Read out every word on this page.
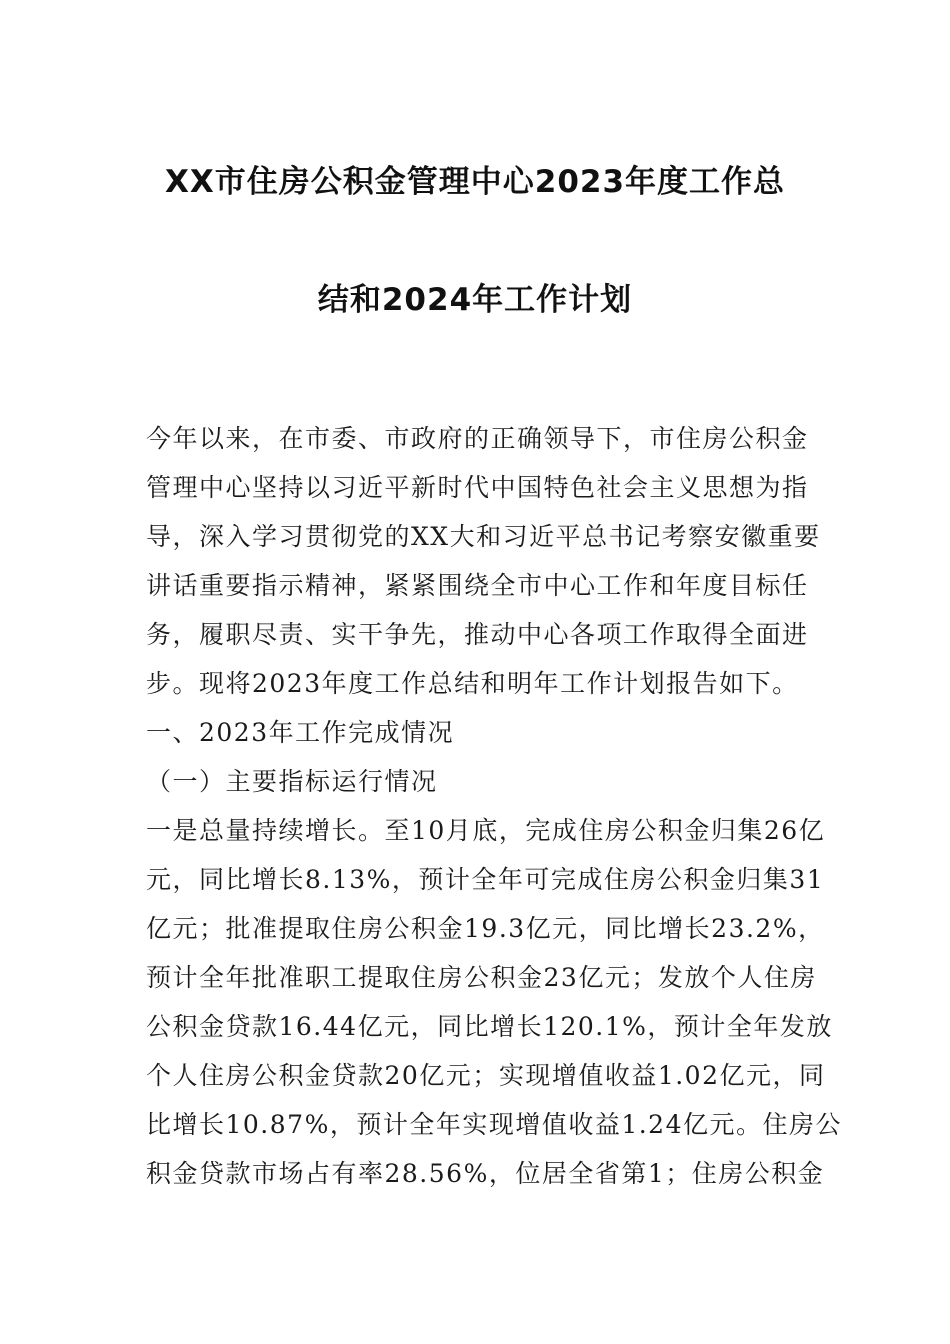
XX市住房公积金管理中心2023年度工作总
结和2024年工作计划
今年以来，在市委、市政府的正确领导下，市住房公积金
管理中心坚持以习近平新时代中国特色社会主义思想为指
导，深入学习贯彻党的XX大和习近平总书记考察安徽重要
讲话重要指示精神，紧紧围绕全市中心工作和年度目标任
务，履职尽责、实干争先，推动中心各项工作取得全面进
步。现将2023年度工作总结和明年工作计划报告如下。
一、2023年工作完成情况
（一）主要指标运行情况
一是总量持续增长。至10月底，完成住房公积金归集26亿
元，同比增长8.13%，预计全年可完成住房公积金归集31
亿元；批准提取住房公积金19.3亿元，同比增长23.2%，
预计全年批准职工提取住房公积金23亿元；发放个人住房
公积金贷款16.44亿元，同比增长120.1%，预计全年发放
个人住房公积金贷款20亿元；实现增值收益1.02亿元，同
比增长10.87%，预计全年实现增值收益1.24亿元。住房公
积金贷款市场占有率28.56%，位居全省第1；住房公积金
